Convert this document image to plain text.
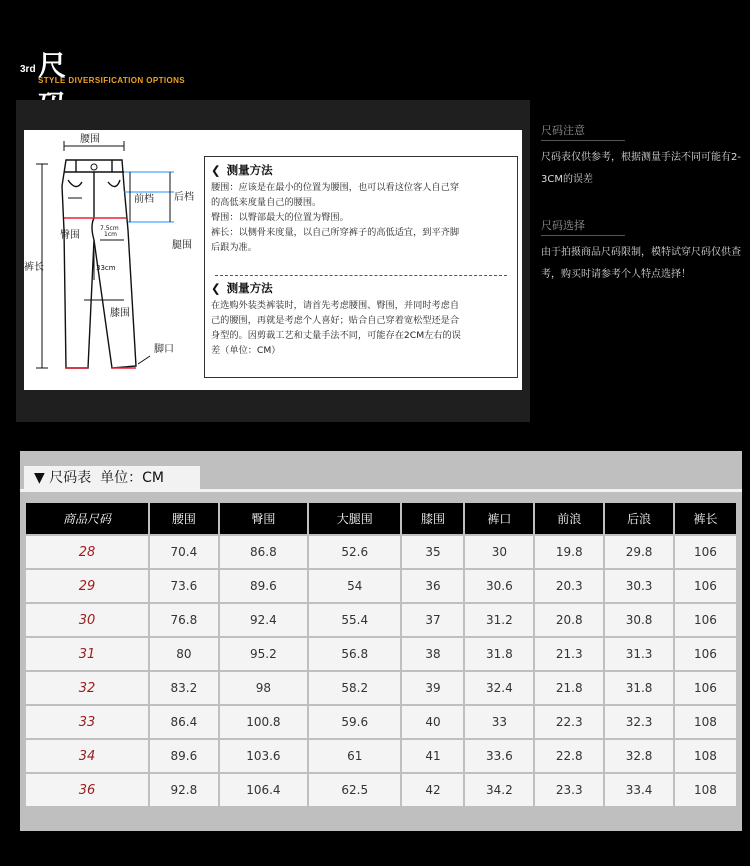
3rd 尺
STYLE DIVERSIFICATION OPTIONS
腰围
前档 后档
臀围
腿围
裤长
膝围
脚口
7.5cm
1cm
33cm
❮ 测量方法

腰围：应该是在最小的位置为腰围，也可以看这位客人自己穿

的高低来度量自己的腰围。

臀围：以臀部最大的位置为臀围。

裤长：以侧骨来度量，以自己所穿裤子的高低适宜，到平齐脚

后跟为准。

❮ 测量方法

在选购外装类裤装时，请首先考虑腰围、臀围，并同时考虑自

己的腰围，再就是考虑个人喜好；贴合自己穿着宽松型还是合

身型的。因剪裁工艺和丈量手法不同，可能存在2CM左右的误

差（单位：CM）

尺码注意
尺码表仅供参考，根据测量手法不同可能有2-3CM的误差
尺码选择
由于拍摄商品尺码限制，模特试穿尺码仅供查考，购买时请参考个人特点选择！
▼ 尺码表  单位：CM
商品尺码	腰围	臀围	大腿围	膝围	裤口	前浪	后浪	裤长
28	70.4	86.8	52.6	35	30	19.8	29.8	106
29	73.6	89.6	54	36	30.6	20.3	30.3	106
30	76.8	92.4	55.4	37	31.2	20.8	30.8	106
31	80	95.2	56.8	38	31.8	21.3	31.3	106
32	83.2	98	58.2	39	32.4	21.8	31.8	106
33	86.4	100.8	59.6	40	33	22.3	32.3	108
34	89.6	103.6	61	41	33.6	22.8	32.8	108
36	92.8	106.4	62.5	42	34.2	23.3	33.4	108
